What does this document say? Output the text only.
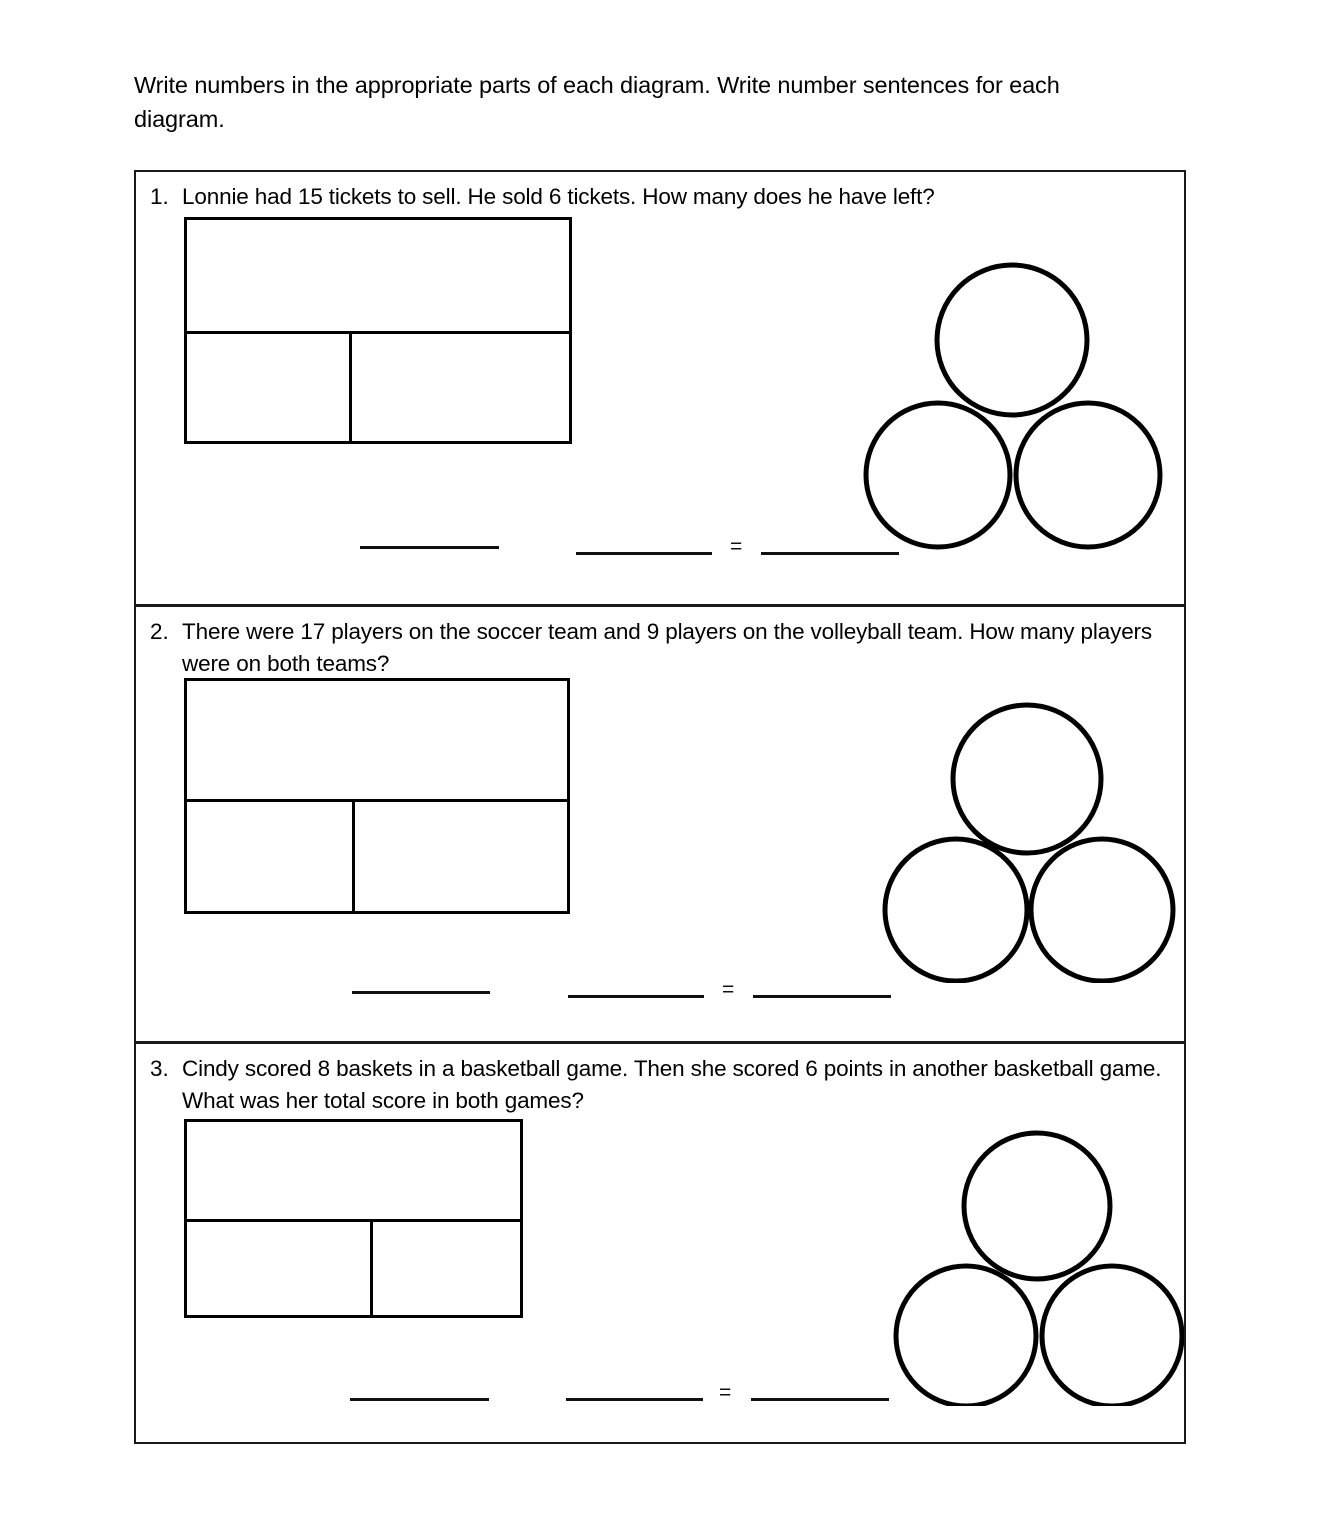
Write numbers in the appropriate parts of each diagram. Write number sentences for each diagram.
1. Lonnie had 15 tickets to sell. He sold 6 tickets. How many does he have left?
=
2. There were 17 players on the soccer team and 9 players on the volleyball team. How many players were on both teams?
=
3. Cindy scored 8 baskets in a basketball game. Then she scored 6 points in another basketball game. What was her total score in both games?
=
